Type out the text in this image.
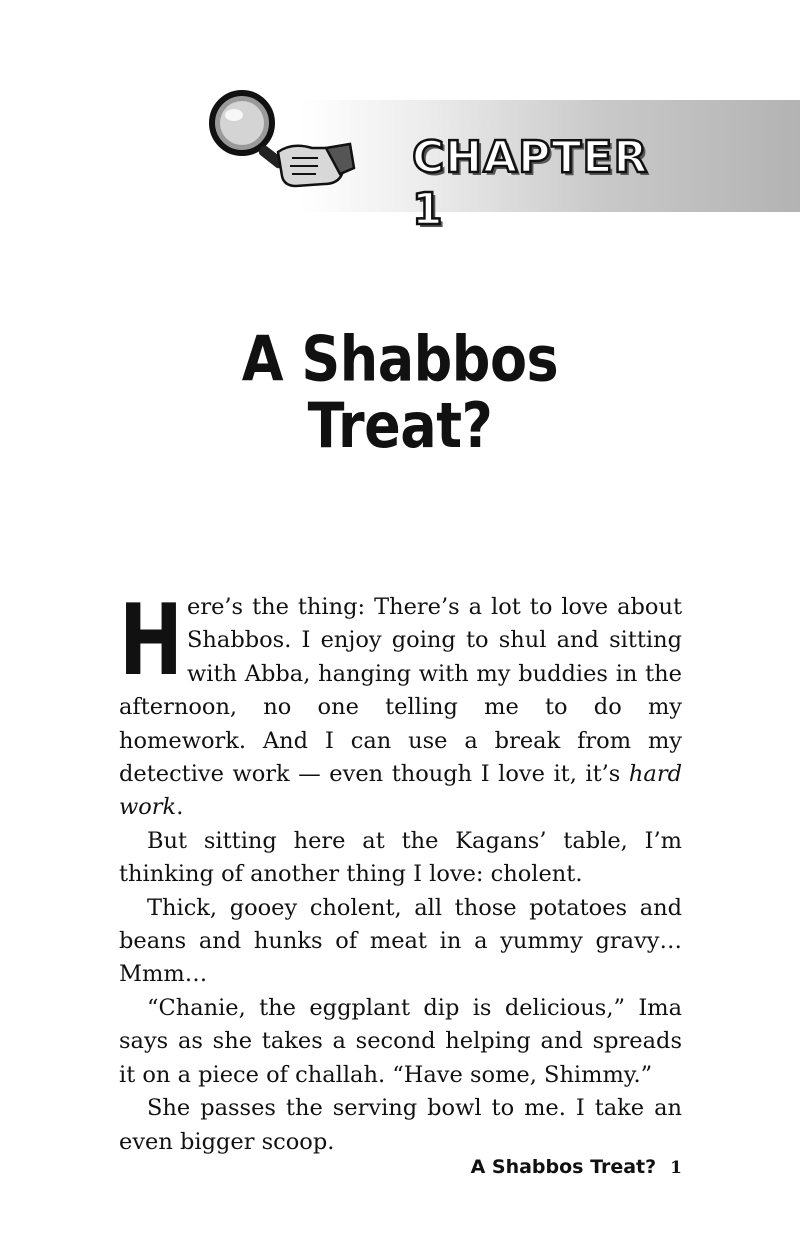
CHAPTER 1
A Shabbos
Treat?

Here’s the thing: There’s a lot to love about Shabbos. I enjoy going to shul and sitting with Abba, hanging with my buddies in the afternoon, no one telling me to do my homework. And I can use a break from my detective work — even though I love it, it’s hard work.

But sitting here at the Kagans’ table, I’m thinking of another thing I love: cholent.

Thick, gooey cholent, all those potatoes and beans and hunks of meat in a yummy gravy… Mmm…

“Chanie, the eggplant dip is delicious,” Ima says as she takes a second helping and spreads it on a piece of challah. “Have some, Shimmy.”

She passes the serving bowl to me. I take an even bigger scoop.

A Shabbos Treat? 1
